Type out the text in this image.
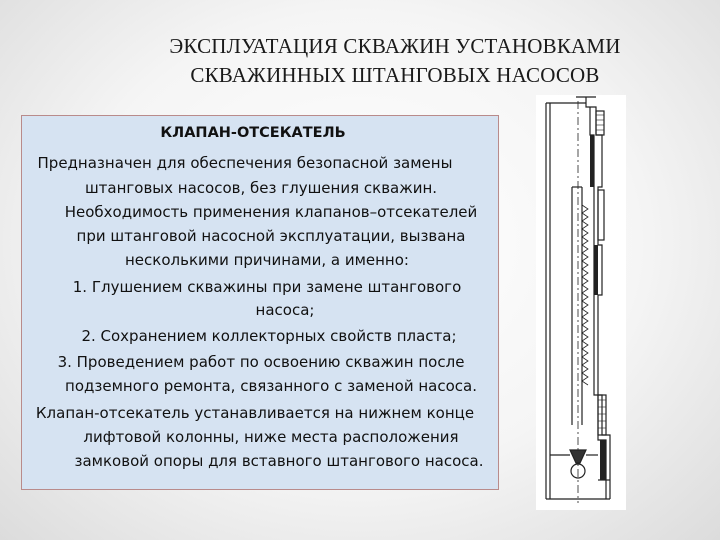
ЭКСПЛУАТАЦИЯ СКВАЖИН УСТАНОВКАМИ
СКВАЖИННЫХ ШТАНГОВЫХ НАСОСОВ
КЛАПАН-ОТСЕКАТЕЛЬ
Предназначен для обеспечения безопасной замены
штанговых насосов, без глушения скважин.
Необходимость применения клапанов–отсекателей
при штанговой насосной эксплуатации, вызвана
несколькими причинами, а именно:
1. Глушением скважины при замене штангового
насоса;
2. Сохранением коллекторных свойств пласта;
3. Проведением работ по освоению скважин после
подземного ремонта, связанного с заменой насоса.
Клапан-отсекатель устанавливается на нижнем конце
лифтовой колонны, ниже места расположения
замковой опоры для вставного штангового насоса.
